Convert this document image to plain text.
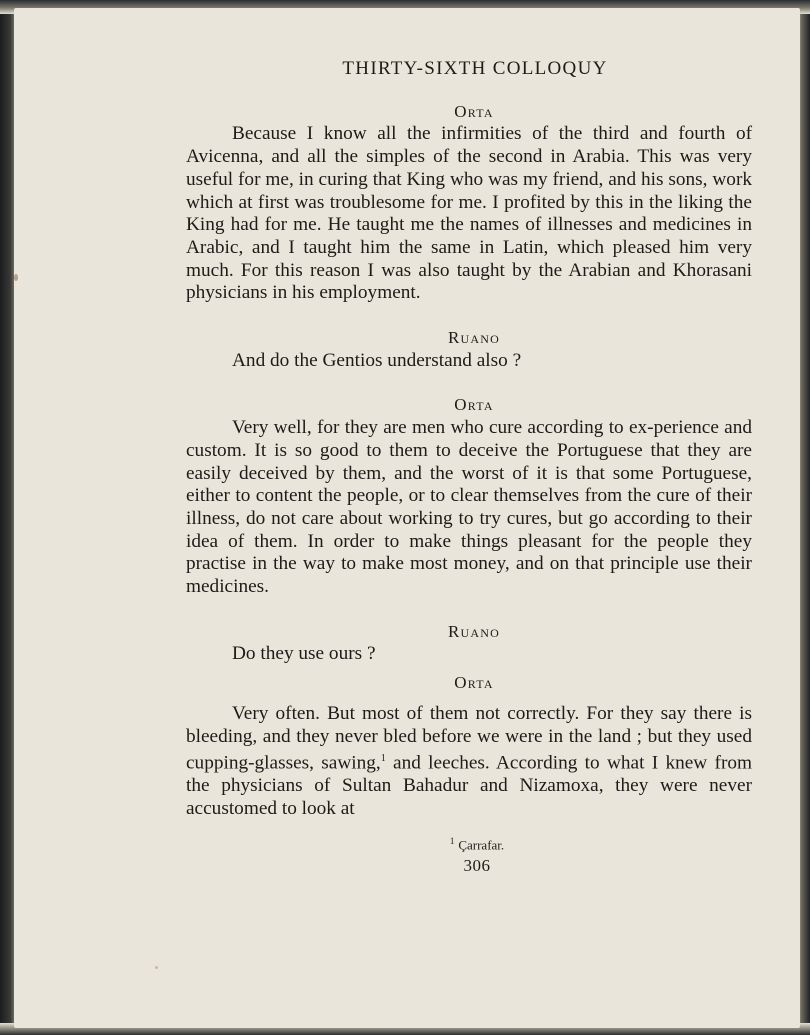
THIRTY-SIXTH COLLOQUY

Orta

Because I know all the infirmities of the third and fourth of Avicenna, and all the simples of the second in Arabia. This was very useful for me, in curing that King who was my friend, and his sons, work which at first was troublesome for me. I profited by this in the liking the King had for me. He taught me the names of illnesses and medicines in Arabic, and I taught him the same in Latin, which pleased him very much. For this reason I was also taught by the Arabian and Khorasani physicians in his employment.

Ruano

And do the Gentios understand also ?

Orta

Very well, for they are men who cure according to ex-perience and custom. It is so good to them to deceive the Portuguese that they are easily deceived by them, and the worst of it is that some Portuguese, either to content the people, or to clear themselves from the cure of their illness, do not care about working to try cures, but go according to their idea of them. In order to make things pleasant for the people they practise in the way to make most money, and on that principle use their medicines.

Ruano

Do they use ours ?

Orta

Very often. But most of them not correctly. For they say there is bleeding, and they never bled before we were in the land ; but they used cupping-glasses, sawing,$^1$ and leeches. According to what I knew from the physicians of Sultan Bahadur and Nizamoxa, they were never accustomed to look at

$^1$ Çarrafar.

306
